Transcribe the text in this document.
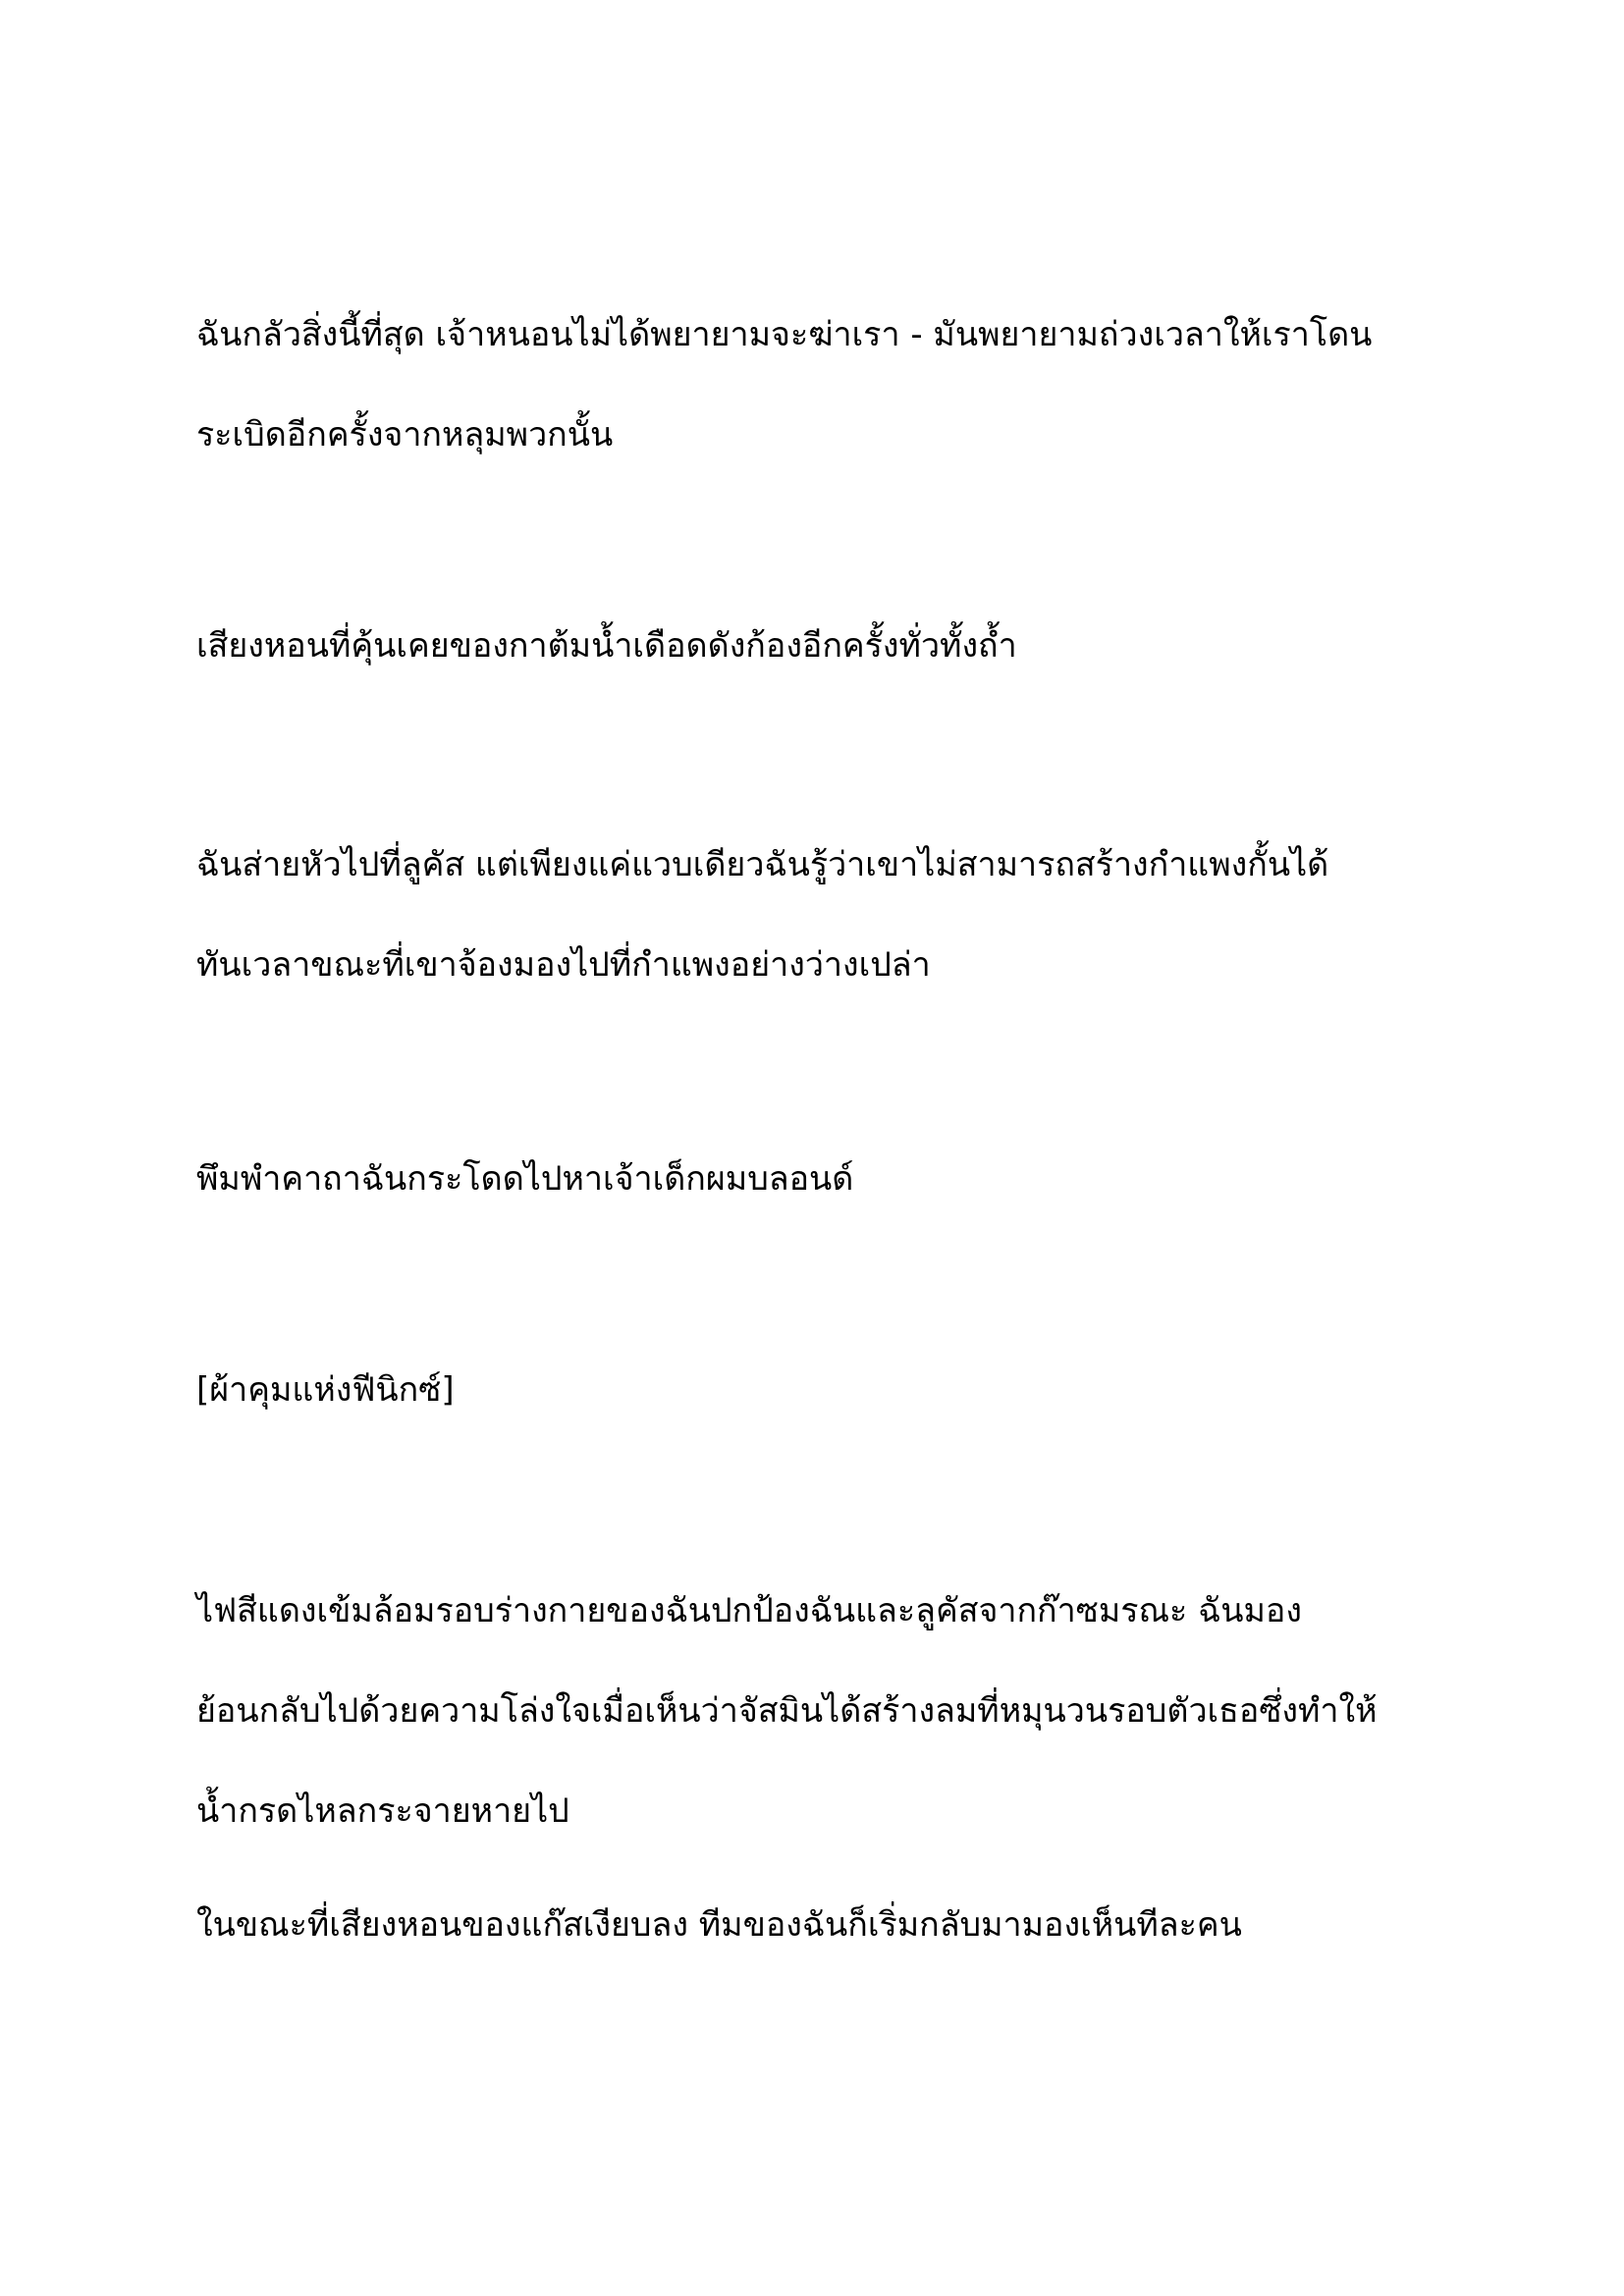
ฉันกลัวสิ่งนี้ที่สุด เจ้าหนอนไม่ได้พยายามจะฆ่าเรา - มันพยายามถ่วงเวลาให้เราโดน
ระเบิดอีกครั้งจากหลุมพวกนั้น

เสียงหอนที่คุ้นเคยของกาต้มน้ำเดือดดังก้องอีกครั้งทั่วทั้งถ้ำ

ฉันส่ายหัวไปที่ลูคัส แต่เพียงแค่แวบเดียวฉันรู้ว่าเขาไม่สามารถสร้างกำแพงกั้นได้
ทันเวลาขณะที่เขาจ้องมองไปที่กำแพงอย่างว่างเปล่า

พึมพำคาถาฉันกระโดดไปหาเจ้าเด็กผมบลอนด์

[ผ้าคุมแห่งฟีนิกซ์]

ไฟสีแดงเข้มล้อมรอบร่างกายของฉันปกป้องฉันและลูคัสจากก๊าซมรณะ ฉันมอง
ย้อนกลับไปด้วยความโล่งใจเมื่อเห็นว่าจัสมินได้สร้างลมที่หมุนวนรอบตัวเธอซึ่งทำให้
น้ำกรดไหลกระจายหายไป

ในขณะที่เสียงหอนของแก๊สเงียบลง ทีมของฉันก็เริ่มกลับมามองเห็นทีละคน
